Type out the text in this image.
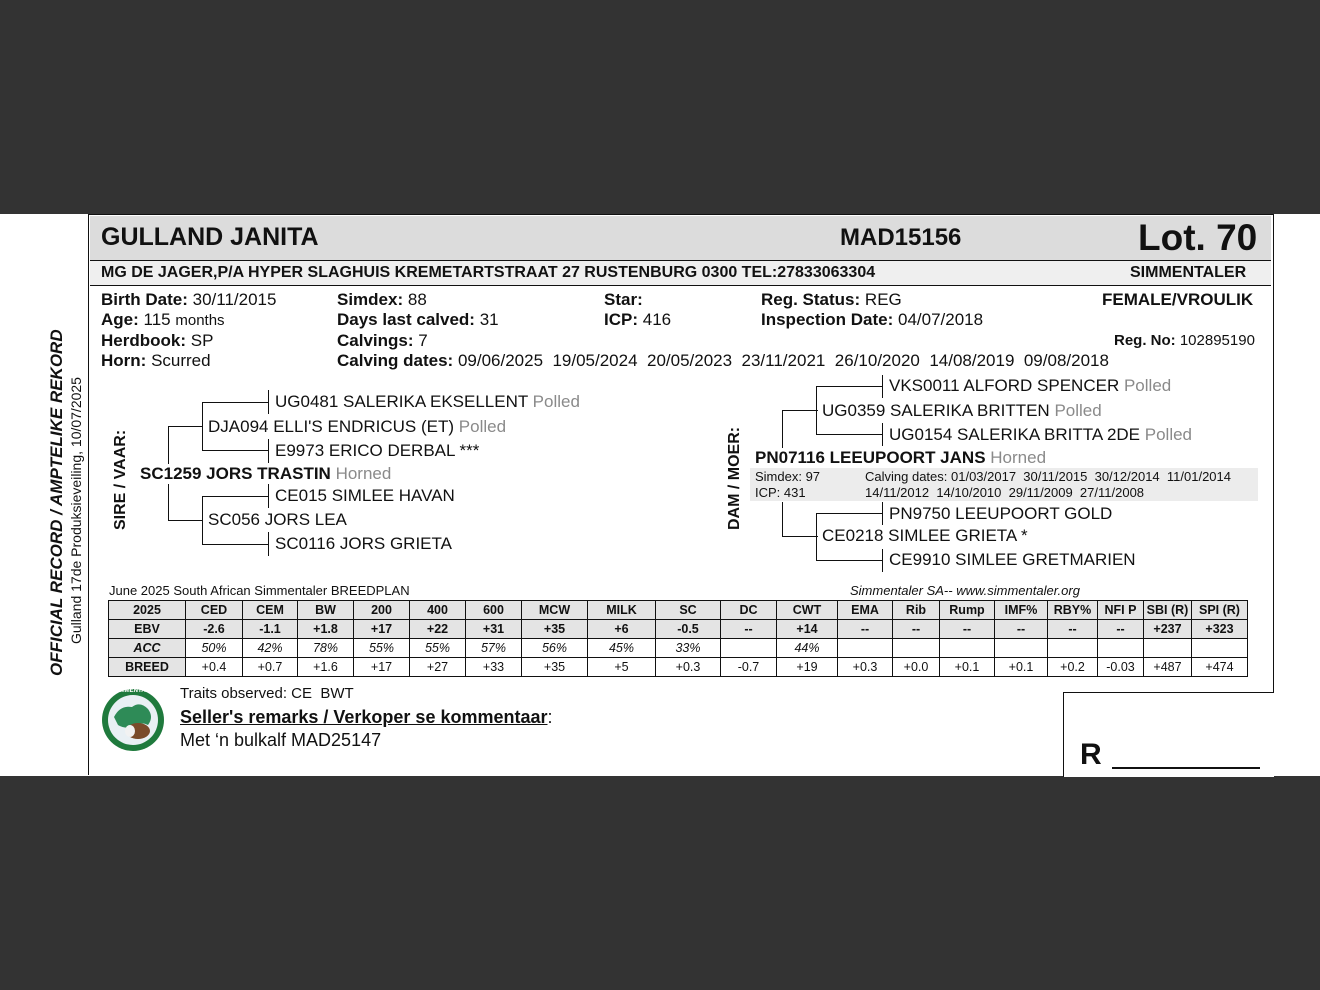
GULLAND JANITA	MAD15156	Lot. 70
MG DE JAGER,P/A HYPER SLAGHUIS KREMETARTSTRAAT 27 RUSTENBURG 0300 TEL:27833063304	SIMMENTALER
OFFICIAL RECORD / AMPTELIKE REKORD Gulland 17de Produksieveiling, 10/07/2025
Birth Date: 30/11/2015
Age: 115 months
Herdbook: SP
Horn: Scurred
Simdex: 88
Days last calved: 31
Calvings: 7
Calving dates: 09/06/2025  19/05/2024  20/05/2023  23/11/2021  26/10/2020  14/08/2019  09/08/2018
Star:
ICP: 416
Reg. Status: REG
Inspection Date: 04/07/2018
FEMALE/VROULIK
Reg. No: 102895190
SIRE / VAAR:
UG0481 SALERIKA EKSELLENT Polled
DJA094 ELLI'S ENDRICUS (ET) Polled
E9973 ERICO DERBAL ***
SC1259 JORS TRASTIN Horned
CE015 SIMLEE HAVAN
SC056 JORS LEA
SC0116 JORS GRIETA
DAM / MOER:
VKS0011 ALFORD SPENCER Polled
UG0359 SALERIKA BRITTEN Polled
UG0154 SALERIKA BRITTA 2DE Polled
PN07116 LEEUPOORT JANS Horned
Simdex: 97
ICP: 431
Calving dates: 01/03/2017  30/11/2015  30/12/2014  11/01/2014
14/11/2012  14/10/2010  29/11/2009  27/11/2008
PN9750 LEEUPOORT GOLD
CE0218 SIMLEE GRIETA *
CE9910 SIMLEE GRETMARIEN
June 2025 South African Simmentaler BREEDPLAN	Simmentaler SA-- www.simmentaler.org
2025	CED	CEM	BW	200	400	600	MCW	MILK	SC	DC	CWT	EMA	Rib	Rump	IMF%	RBY%	NFI P	SBI (R)	SPI (R)
EBV	-2.6	-1.1	+1.8	+17	+22	+31	+35	+6	-0.5	--	+14	--	--	--	--	--	--	+237	+323
ACC	50%	42%	78%	55%	55%	57%	56%	45%	33%		44%								
BREED	+0.4	+0.7	+1.6	+17	+27	+33	+35	+5	+0.3	-0.7	+19	+0.3	+0.0	+0.1	+0.1	+0.2	-0.03	+487	+474
SIMMENTALER Traits observed: CE  BWT
Seller's remarks / Verkoper se kommentaar:
Met ‘n bulkalf MAD25147	R
